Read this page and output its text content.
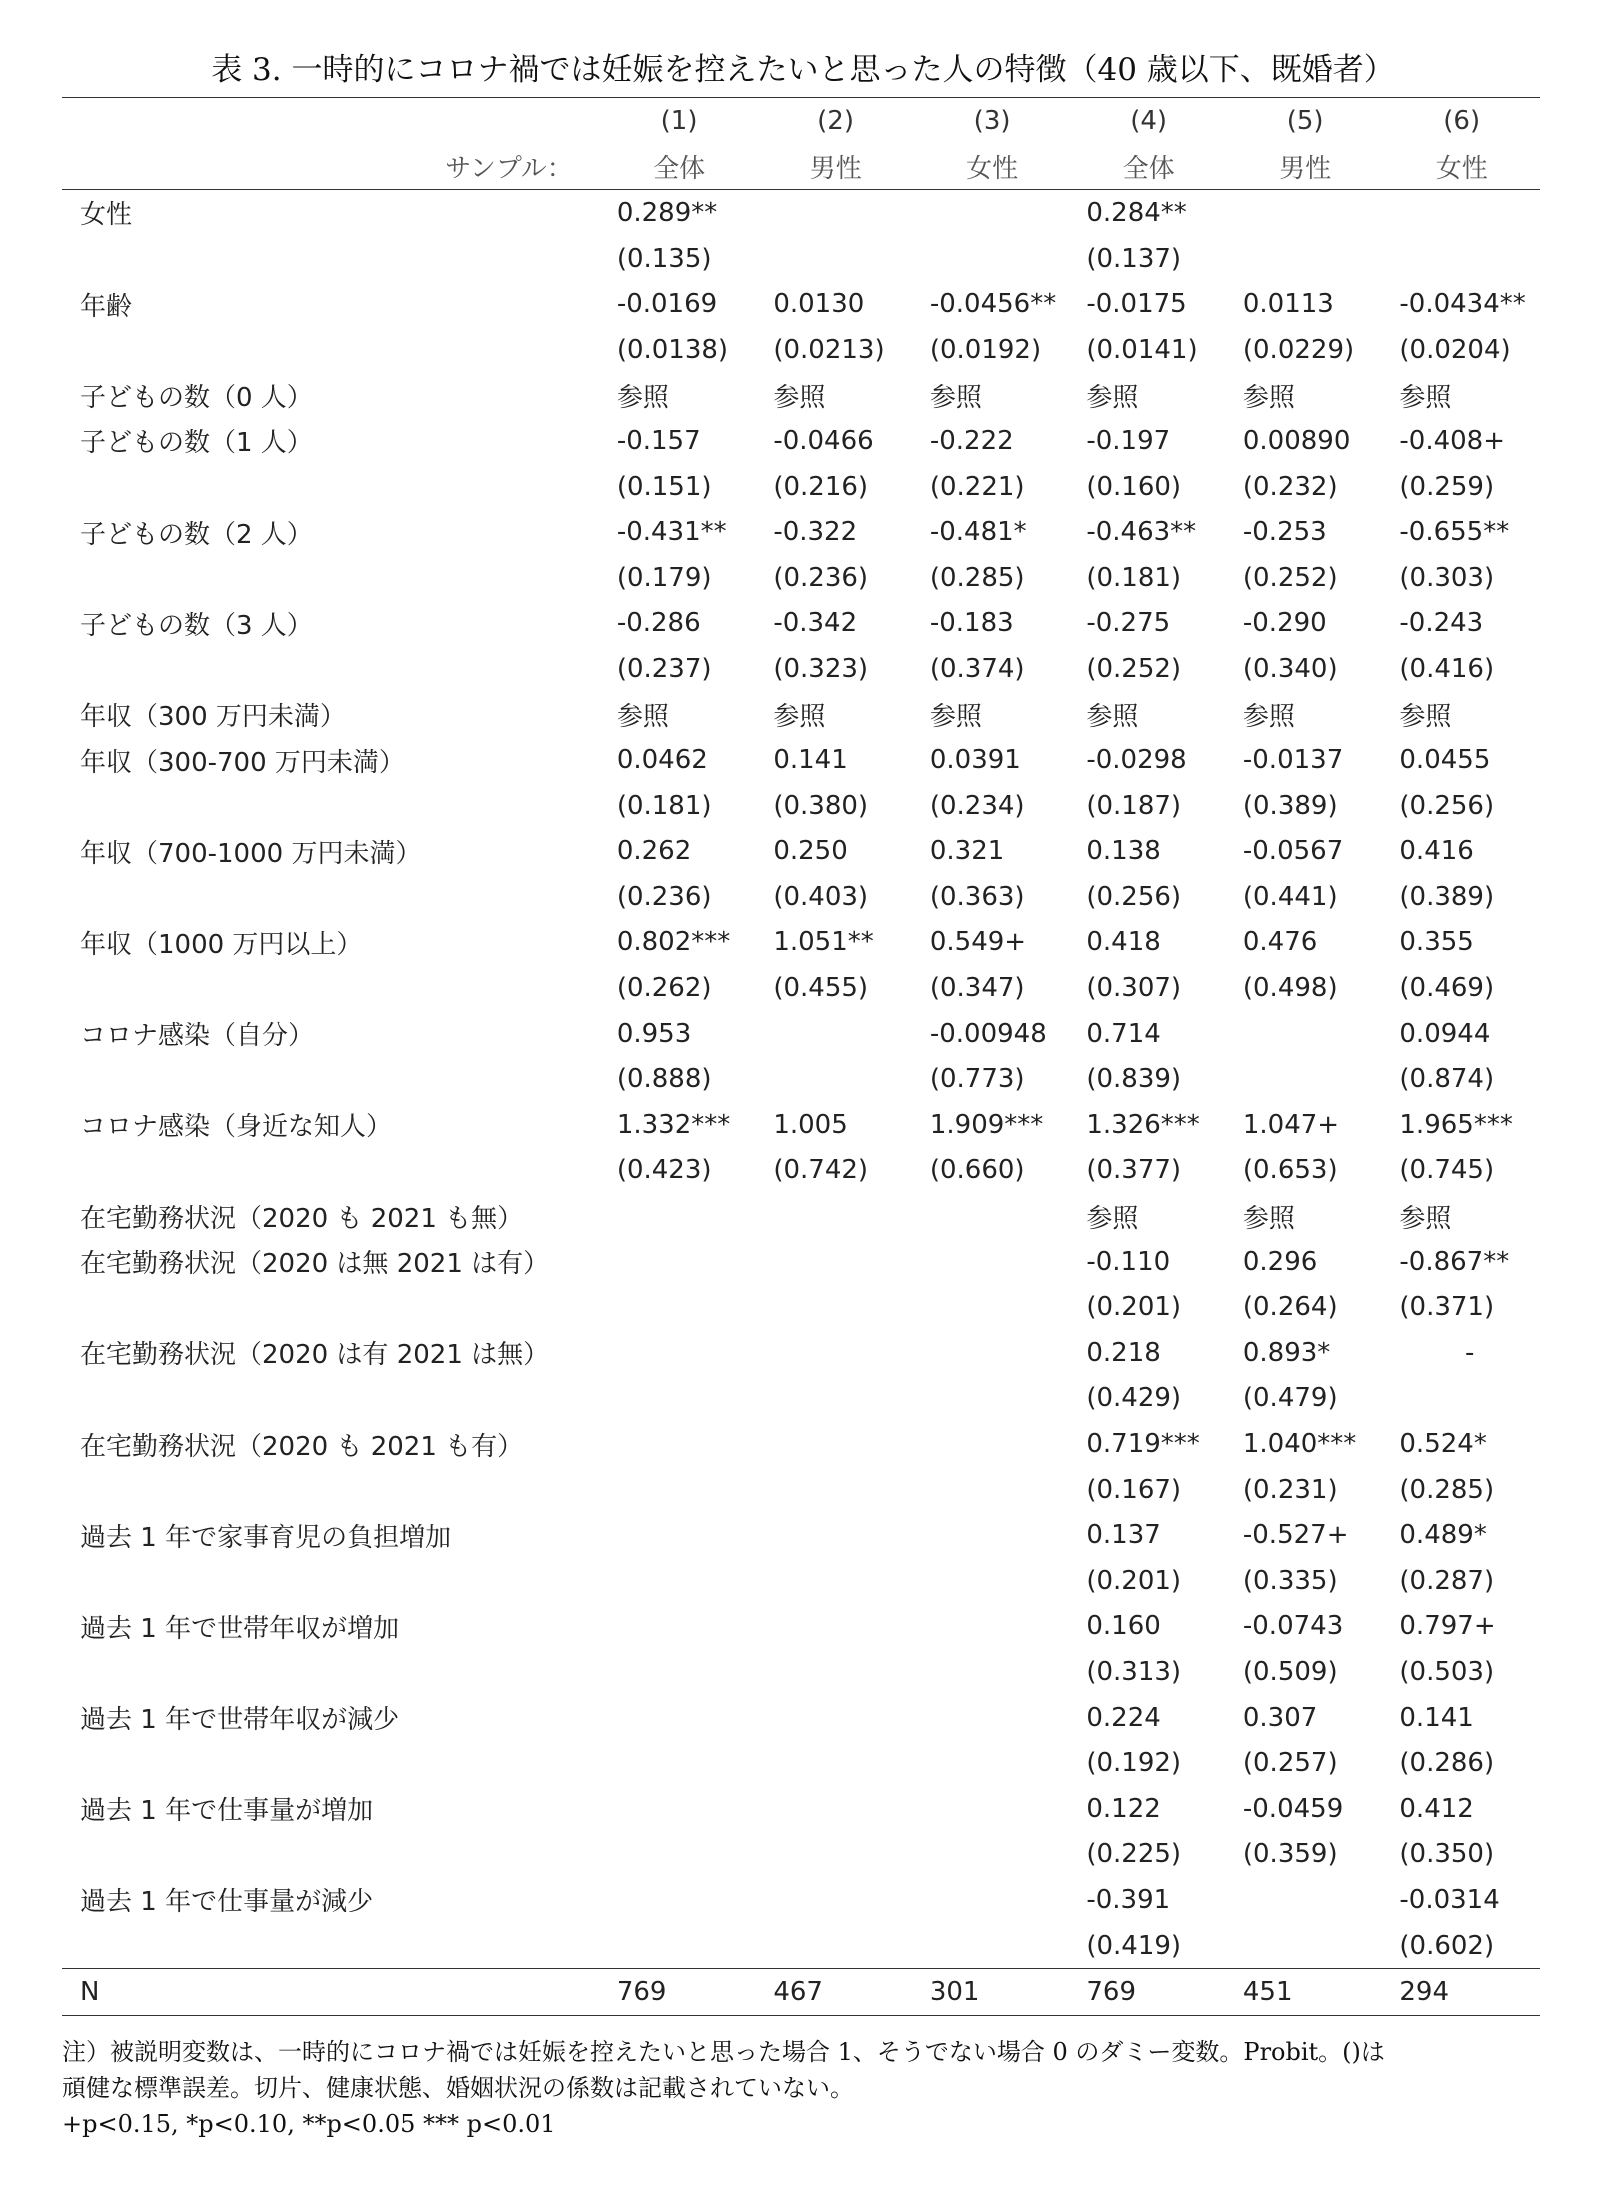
表 3. 一時的にコロナ禍では妊娠を控えたいと思った人の特徴（40 歳以下、既婚者）
	(1)	(2)	(3)	(4)	(5)	(6)
サンプル：	全体	男性	女性	全体	男性	女性
女性	0.289**			0.284**		
	(0.135)			(0.137)		
年齢	-0.0169	0.0130	-0.0456**	-0.0175	0.0113	-0.0434**
	(0.0138)	(0.0213)	(0.0192)	(0.0141)	(0.0229)	(0.0204)
子どもの数（0 人）	参照	参照	参照	参照	参照	参照
子どもの数（1 人）	-0.157	-0.0466	-0.222	-0.197	0.00890	-0.408+
	(0.151)	(0.216)	(0.221)	(0.160)	(0.232)	(0.259)
子どもの数（2 人）	-0.431**	-0.322	-0.481*	-0.463**	-0.253	-0.655**
	(0.179)	(0.236)	(0.285)	(0.181)	(0.252)	(0.303)
子どもの数（3 人）	-0.286	-0.342	-0.183	-0.275	-0.290	-0.243
	(0.237)	(0.323)	(0.374)	(0.252)	(0.340)	(0.416)
年収（300 万円未満）	参照	参照	参照	参照	参照	参照
年収（300-700 万円未満）	0.0462	0.141	0.0391	-0.0298	-0.0137	0.0455
	(0.181)	(0.380)	(0.234)	(0.187)	(0.389)	(0.256)
年収（700-1000 万円未満）	0.262	0.250	0.321	0.138	-0.0567	0.416
	(0.236)	(0.403)	(0.363)	(0.256)	(0.441)	(0.389)
年収（1000 万円以上）	0.802***	1.051**	0.549+	0.418	0.476	0.355
	(0.262)	(0.455)	(0.347)	(0.307)	(0.498)	(0.469)
コロナ感染（自分）	0.953		-0.00948	0.714		0.0944
	(0.888)		(0.773)	(0.839)		(0.874)
コロナ感染（身近な知人）	1.332***	1.005	1.909***	1.326***	1.047+	1.965***
	(0.423)	(0.742)	(0.660)	(0.377)	(0.653)	(0.745)
在宅勤務状況（2020 も 2021 も無）				参照	参照	参照
在宅勤務状況（2020 は無 2021 は有）				-0.110	0.296	-0.867**
				(0.201)	(0.264)	(0.371)
在宅勤務状況（2020 は有 2021 は無）				0.218	0.893*	-
				(0.429)	(0.479)	
在宅勤務状況（2020 も 2021 も有）				0.719***	1.040***	0.524*
				(0.167)	(0.231)	(0.285)
過去 1 年で家事育児の負担増加				0.137	-0.527+	0.489*
				(0.201)	(0.335)	(0.287)
過去 1 年で世帯年収が増加				0.160	-0.0743	0.797+
				(0.313)	(0.509)	(0.503)
過去 1 年で世帯年収が減少				0.224	0.307	0.141
				(0.192)	(0.257)	(0.286)
過去 1 年で仕事量が増加				0.122	-0.0459	0.412
				(0.225)	(0.359)	(0.350)
過去 1 年で仕事量が減少				-0.391		-0.0314
				(0.419)		(0.602)
N	769	467	301	769	451	294
注）被説明変数は、一時的にコロナ禍では妊娠を控えたいと思った場合 1、そうでない場合 0 のダミー変数。Probit。()は
頑健な標準誤差。切片、健康状態、婚姻状況の係数は記載されていない。
+p<0.15, *p<0.10, **p<0.05 *** p<0.01
